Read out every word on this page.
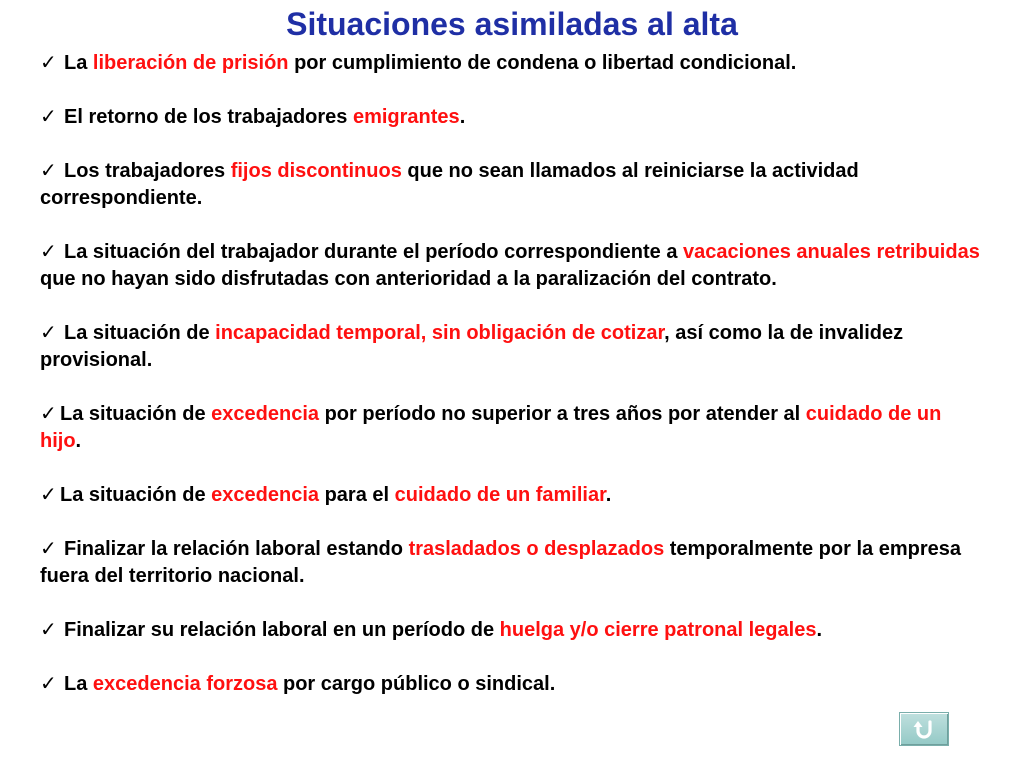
Situaciones asimiladas al alta
✓ La liberación de prisión por cumplimiento de condena o libertad condicional.
✓ El retorno de los trabajadores emigrantes.
✓ Los trabajadores fijos discontinuos que no sean llamados al reiniciarse la actividad correspondiente.
✓ La situación del trabajador durante el período correspondiente a vacaciones anuales retribuidas que no hayan sido disfrutadas con anterioridad a la paralización del contrato.
✓ La situación de incapacidad temporal, sin obligación de cotizar, así como la de invalidez provisional.
✓ La situación de excedencia por período no superior a tres años por atender al cuidado de un hijo.
✓ La situación de excedencia para el cuidado de un familiar.
✓ Finalizar la relación laboral estando trasladados o desplazados temporalmente por la empresa fuera del territorio nacional.
✓ Finalizar su relación laboral en un período de huelga y/o cierre patronal legales.
✓ La excedencia forzosa por cargo público o sindical.
